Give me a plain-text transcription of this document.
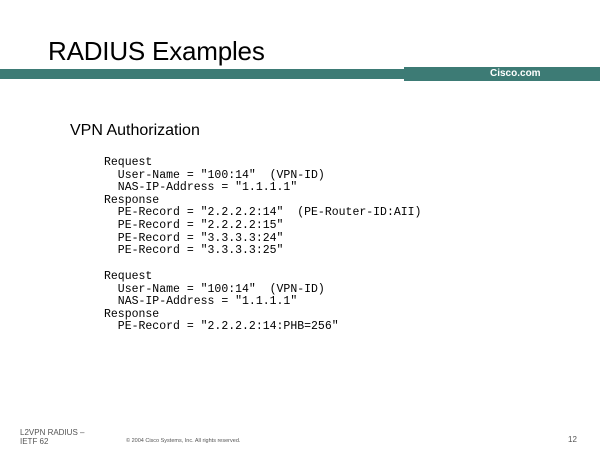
RADIUS Examples
Cisco.com
VPN Authorization
Request
User-Name = "100:14"  (VPN-ID)
NAS-IP-Address = "1.1.1.1"
Response
PE-Record = "2.2.2.2:14"  (PE-Router-ID:AII)
PE-Record = "2.2.2.2:15"
PE-Record = "3.3.3.3:24"
PE-Record = "3.3.3.3:25"
Request
User-Name = "100:14"  (VPN-ID)
NAS-IP-Address = "1.1.1.1"
Response
PE-Record = "2.2.2.2:14:PHB=256"
L2VPN RADIUS –
IETF 62	© 2004 Cisco Systems, Inc. All rights reserved.	12
